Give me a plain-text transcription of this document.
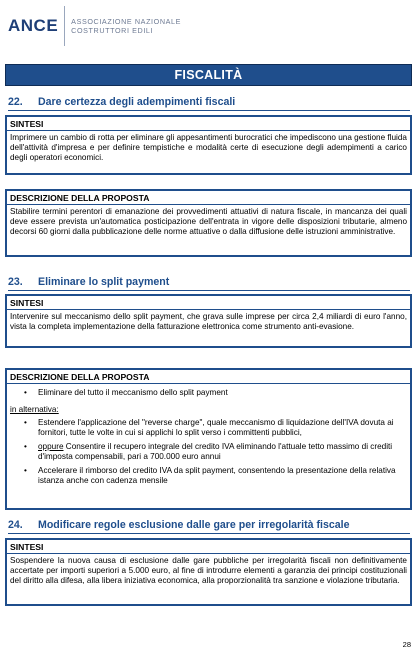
ANCE ASSOCIAZIONE NAZIONALE
COSTRUTTORI EDILI
FISCALITÀ
22.	Dare certezza degli adempimenti fiscali
SINTESI
Imprimere un cambio di rotta per eliminare gli appesantimenti burocratici che impediscono una gestione fluida dell'attività d'impresa e per definire tempistiche e modalità certe di esecuzione degli adempimenti a carico degli operatori economici.
DESCRIZIONE DELLA PROPOSTA
Stabilire termini perentori di emanazione dei provvedimenti attuativi di natura fiscale, in mancanza dei quali deve essere prevista un'automatica posticipazione dell'entrata in vigore delle disposizioni tributarie, almeno decorsi 60 giorni dalla pubblicazione delle norme attuative o dalla diffusione delle istruzioni amministrative.
23.	Eliminare lo split payment
SINTESI
Intervenire sul meccanismo dello split payment, che grava sulle imprese per circa 2,4 miliardi di euro l'anno, vista la completa implementazione della fatturazione elettronica come strumento anti-evasione.
DESCRIZIONE DELLA PROPOSTA
• Eliminare del tutto il meccanismo dello split payment
in alternativa:
• Estendere l'applicazione del "reverse charge", quale meccanismo di liquidazione dell'IVA dovuta ai fornitori, tutte le volte in cui si applichi lo split verso i committenti pubblici,
• oppure Consentire il recupero integrale del credito IVA eliminando l'attuale tetto massimo di crediti d'imposta compensabili, pari a 700.000 euro annui
• Accelerare il rimborso del credito IVA da split payment, consentendo la presentazione della relativa istanza anche con cadenza mensile
24.	Modificare regole esclusione dalle gare per irregolarità fiscale
SINTESI
Sospendere la nuova causa di esclusione dalle gare pubbliche per irregolarità fiscali non definitivamente accertate per importi superiori a 5.000 euro, al fine di introdurre elementi a garanzia dei principi costituzionali del diritto alla difesa, alla libera iniziativa economica, alla proporzionalità tra sanzione e violazione tributaria.
28
